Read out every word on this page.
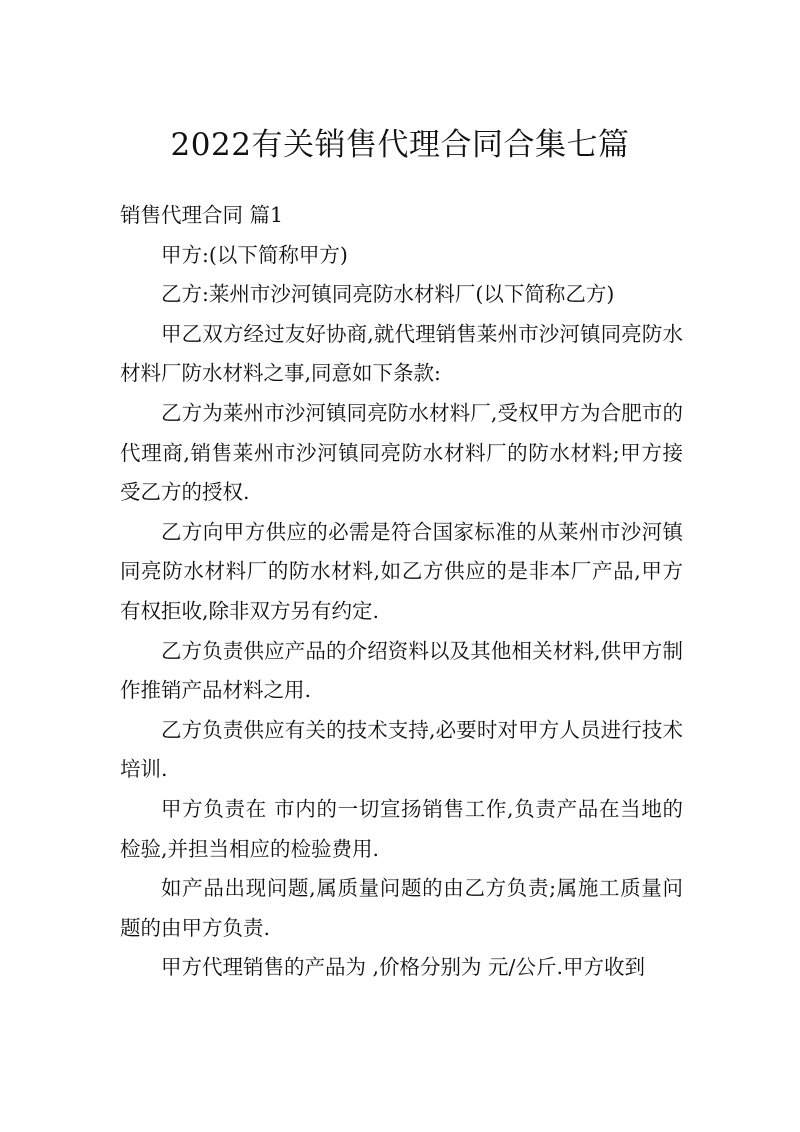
2022有关销售代理合同合集七篇

销售代理合同 篇1

甲方:(以下简称甲方)

乙方:莱州市沙河镇同亮防水材料厂(以下简称乙方)

甲乙双方经过友好协商,就代理销售莱州市沙河镇同亮防水材料厂防水材料之事,同意如下条款:

乙方为莱州市沙河镇同亮防水材料厂,受权甲方为合肥市的代理商,销售莱州市沙河镇同亮防水材料厂的防水材料;甲方接受乙方的授权.

乙方向甲方供应的必需是符合国家标准的从莱州市沙河镇同亮防水材料厂的防水材料,如乙方供应的是非本厂产品,甲方有权拒收,除非双方另有约定.

乙方负责供应产品的介绍资料以及其他相关材料,供甲方制作推销产品材料之用.

乙方负责供应有关的技术支持,必要时对甲方人员进行技术培训.

甲方负责在 市内的一切宣扬销售工作,负责产品在当地的检验,并担当相应的检验费用.

如产品出现问题,属质量问题的由乙方负责;属施工质量问题的由甲方负责.

甲方代理销售的产品为 ,价格分别为 元/公斤.甲方收到
